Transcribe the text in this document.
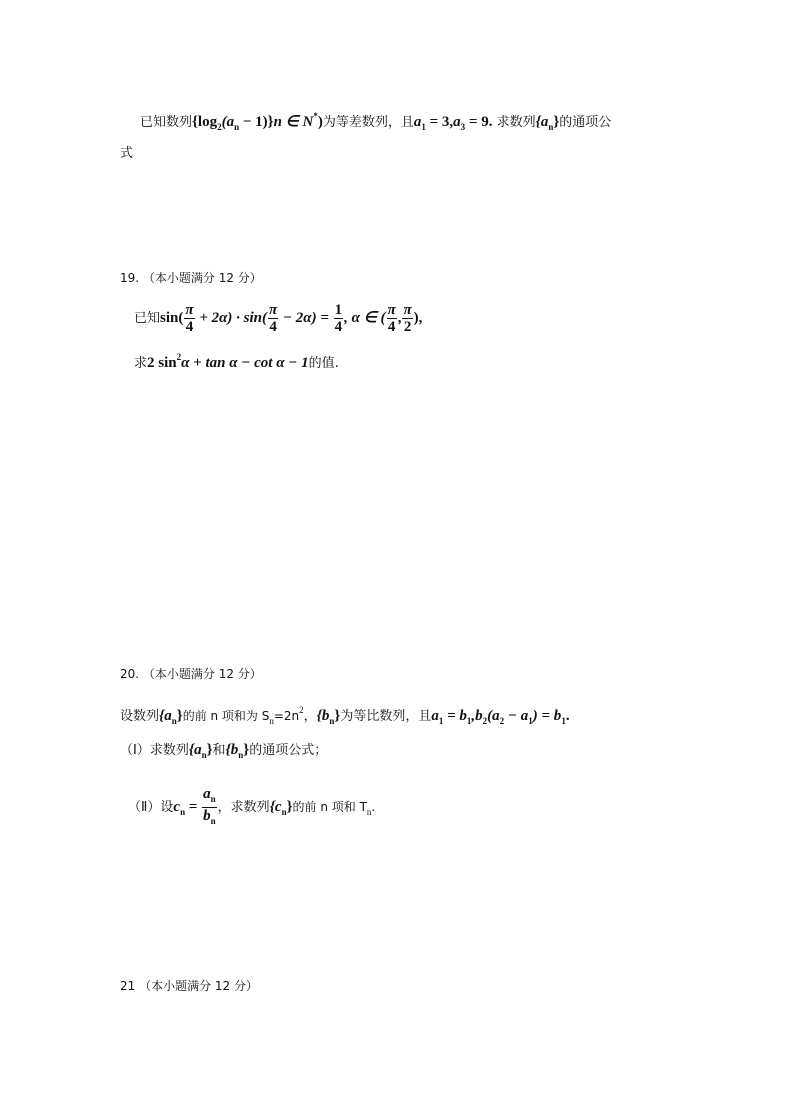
已知数列$\{\log_2(a_n - 1)\}n$ ∈ N*)为等差数列，且$a_1 = 3,a_3 = 9$. 求数列$\{a_n\}$的通项公
式
19. （本小题满分 12 分）
已知$\sin( \frac{\pi}{4} + 2\alpha) \cdot \sin( \frac{\pi}{4} - 2\alpha) = \frac{1}{4}$ , α ∈ ( $\frac{\pi}{4}$ , $\frac{\pi}{2}$ ),
求2 $\sin^2\alpha + \tan \alpha - \cot \alpha - 1$的值.
20. （本小题满分 12 分）
设数列$\{a_n\}$的前 n 项和为 $S_n=2n^2$，$\{b_n\}$为等比数列，且$a_1 = b_1,b_2(a_2 - a_1) = b_1$.
（Ⅰ）求数列$\{a_n\}$和$\{b_n\}$的通项公式；
（Ⅱ）设$c_n = \frac{a_n}{b_n}$ ，求数列$\{c_n\}$的前 n 项和 $T_n$.
21 （本小题满分 12 分）
